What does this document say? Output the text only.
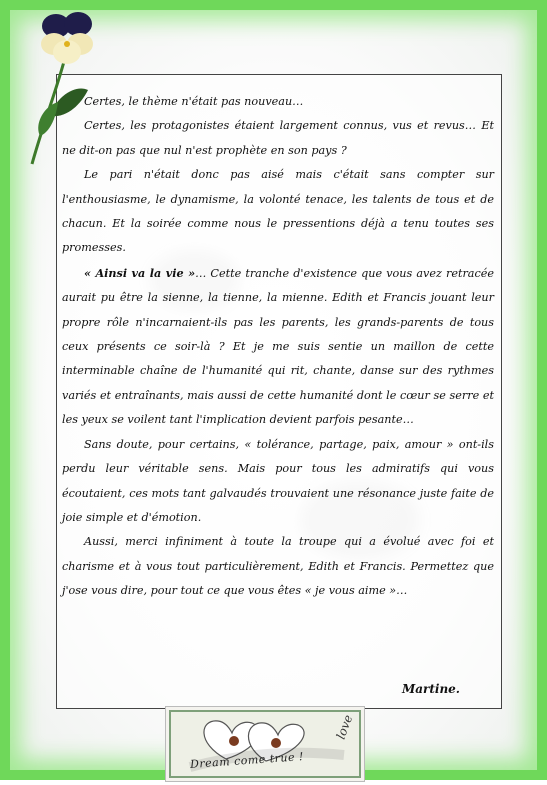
Certes, le thème n'était pas nouveau…

Certes, les protagonistes étaient largement connus, vus et revus… Et ne dit-on pas que nul n'est prophète en son pays ?

Le pari n'était donc pas aisé mais c'était sans compter sur l'enthousiasme, le dynamisme, la volonté tenace, les talents de tous et de chacun. Et la soirée comme nous le pressentions déjà a tenu toutes ses promesses.

« Ainsi va la vie »… Cette tranche d'existence que vous avez retracée aurait pu être la sienne, la tienne, la mienne. Edith et Francis jouant leur propre rôle n'incarnaient-ils pas les parents, les grands-parents de tous ceux présents ce soir-là ? Et je me suis sentie un maillon de cette interminable chaîne de l'humanité qui rit, chante, danse sur des rythmes variés et entraînants, mais aussi de cette humanité dont le cœur se serre et les yeux se voilent tant l'implication devient parfois pesante…

Sans doute, pour certains, « tolérance, partage, paix, amour » ont-ils perdu leur véritable sens. Mais pour tous les admiratifs qui vous écoutaient, ces mots tant galvaudés trouvaient une résonance juste faite de joie simple et d'émotion.

Aussi, merci infiniment à toute la troupe qui a évolué avec foi et charisme et à vous tout particulièrement, Edith et Francis. Permettez que j'ose vous dire, pour tout ce que vous êtes « je vous aime »…

Martine.
Dream come true !
love
